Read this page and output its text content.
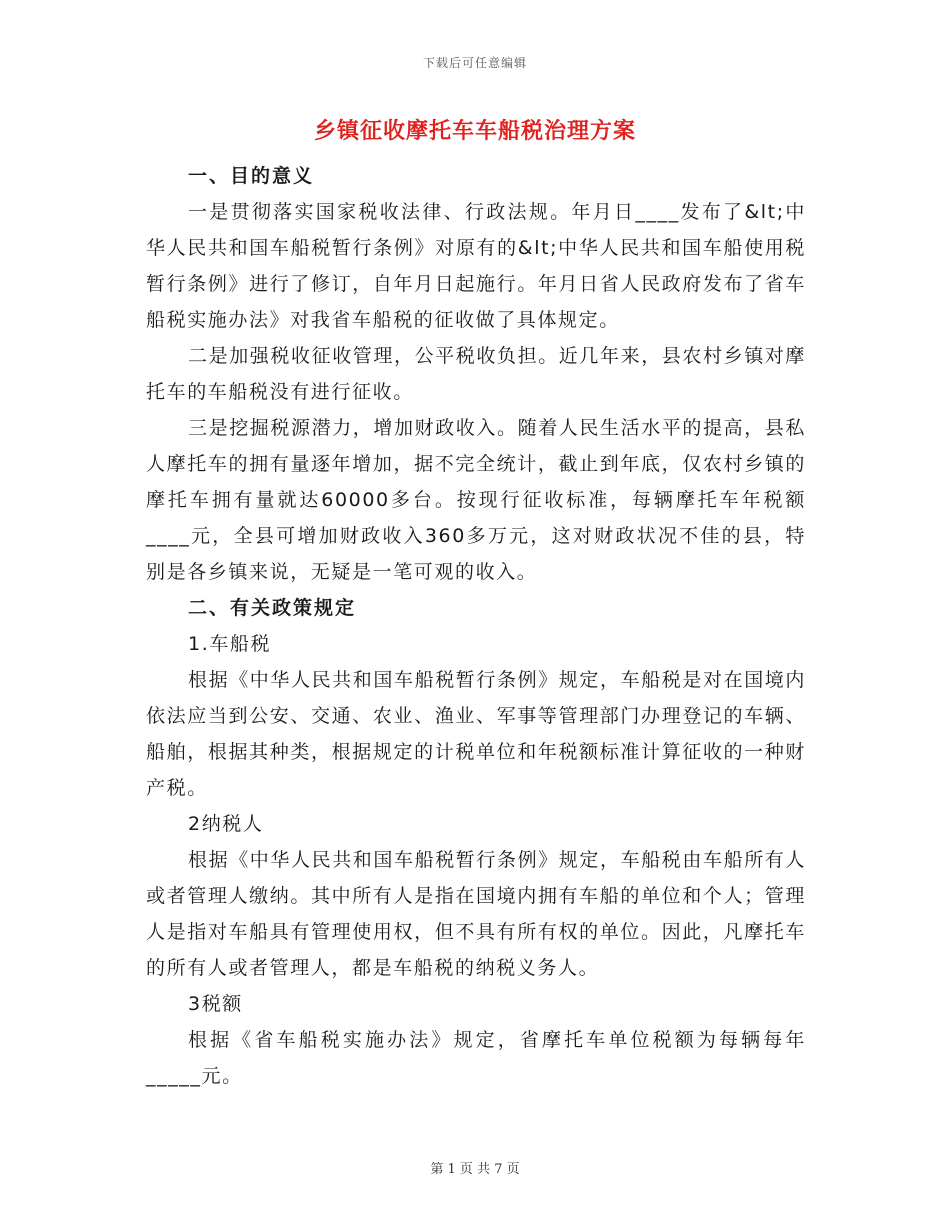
下载后可任意编辑
乡镇征收摩托车车船税治理方案

一、目的意义

一是贯彻落实国家税收法律、行政法规。年月日____发布了&lt;中华人民共和国车船税暂行条例》对原有的&lt;中华人民共和国车船使用税暂行条例》进行了修订，自年月日起施行。年月日省人民政府发布了省车船税实施办法》对我省车船税的征收做了具体规定。

二是加强税收征收管理，公平税收负担。近几年来，县农村乡镇对摩托车的车船税没有进行征收。

三是挖掘税源潜力，增加财政收入。随着人民生活水平的提高，县私人摩托车的拥有量逐年增加，据不完全统计，截止到年底，仅农村乡镇的摩托车拥有量就达60000多台。按现行征收标准，每辆摩托车年税额____元，全县可增加财政收入360多万元，这对财政状况不佳的县，特别是各乡镇来说，无疑是一笔可观的收入。

二、有关政策规定

1.车船税

根据《中华人民共和国车船税暂行条例》规定，车船税是对在国境内依法应当到公安、交通、农业、渔业、军事等管理部门办理登记的车辆、船舶，根据其种类，根据规定的计税单位和年税额标准计算征收的一种财产税。

2纳税人

根据《中华人民共和国车船税暂行条例》规定，车船税由车船所有人或者管理人缴纳。其中所有人是指在国境内拥有车船的单位和个人；管理人是指对车船具有管理使用权，但不具有所有权的单位。因此，凡摩托车的所有人或者管理人，都是车船税的纳税义务人。

3税额

根据《省车船税实施办法》规定，省摩托车单位税额为每辆每年_____元。

第 1 页 共 7 页
